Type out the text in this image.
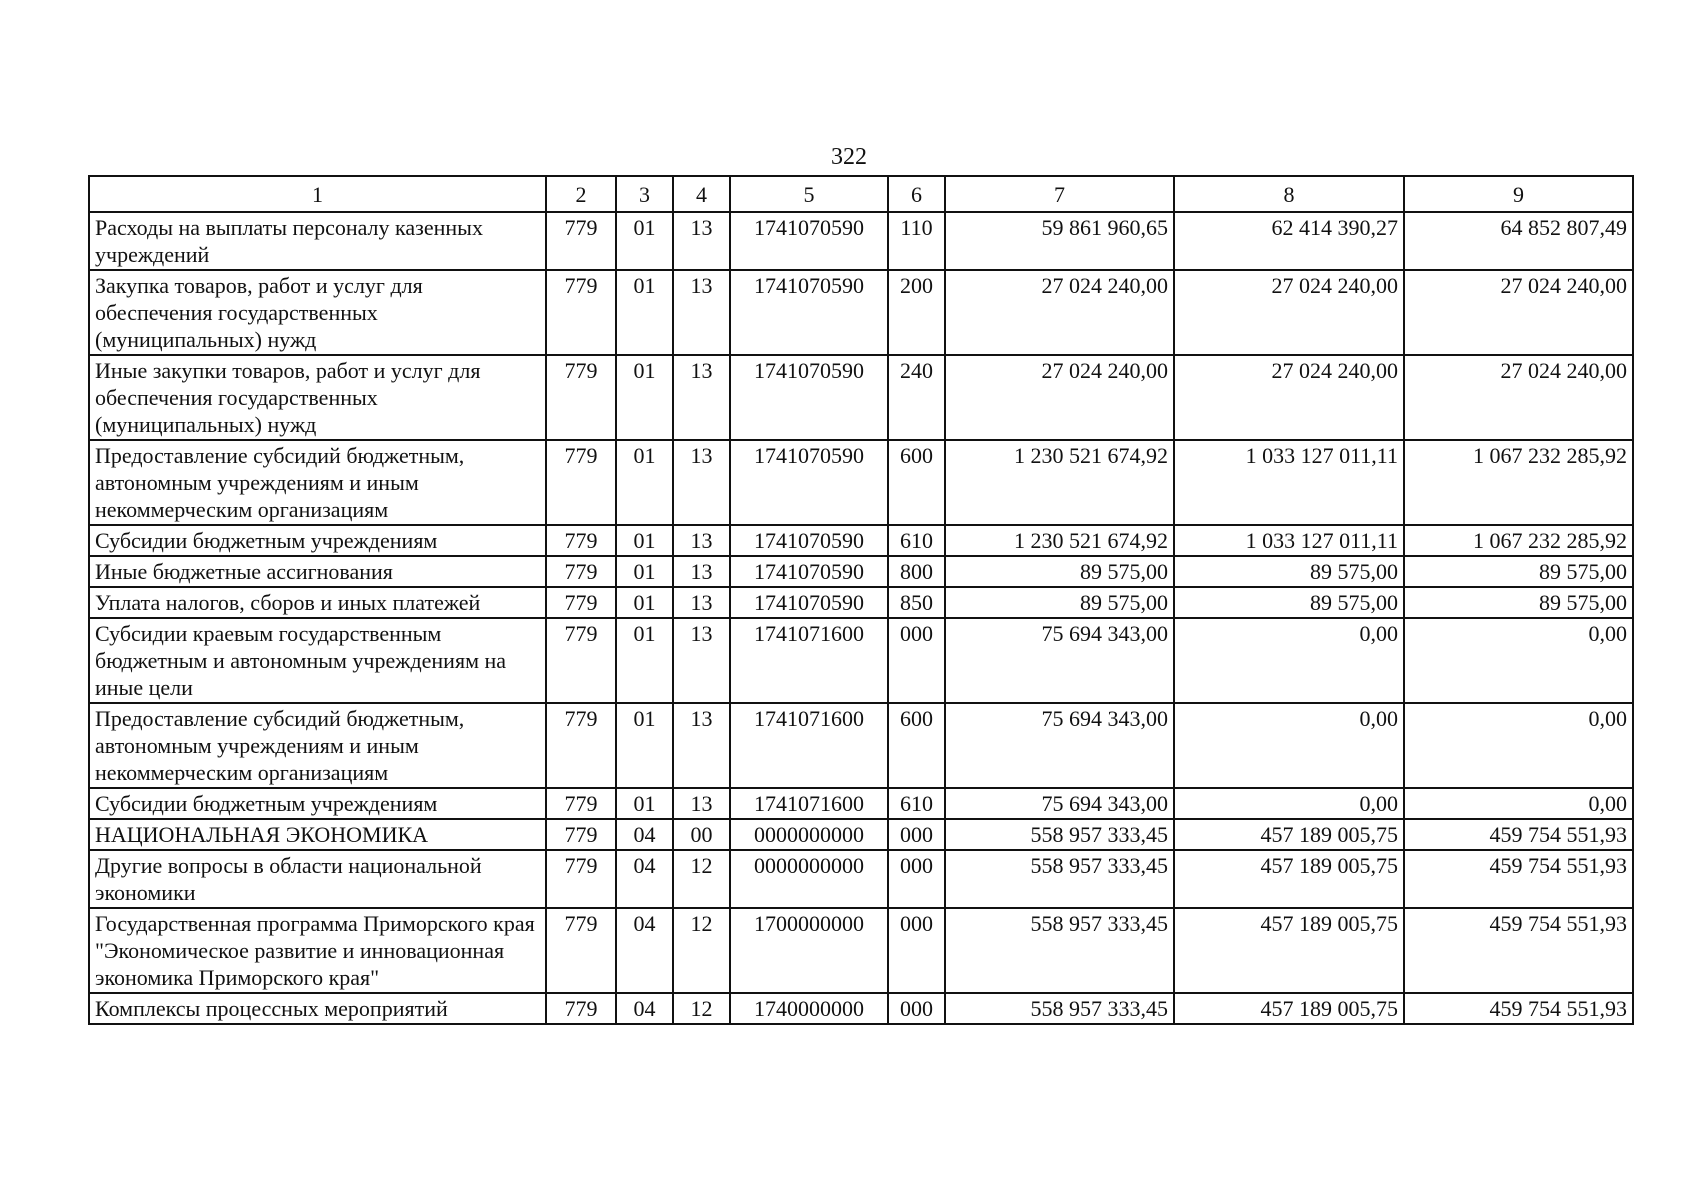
322
1	2	3	4	5	6	7	8	9
Расходы на выплаты персоналу казенных учреждений	779	01	13	1741070590	110	59 861 960,65	62 414 390,27	64 852 807,49
Закупка товаров, работ и услуг для обеспечения государственных (муниципальных) нужд	779	01	13	1741070590	200	27 024 240,00	27 024 240,00	27 024 240,00
Иные закупки товаров, работ и услуг для обеспечения государственных (муниципальных) нужд	779	01	13	1741070590	240	27 024 240,00	27 024 240,00	27 024 240,00
Предоставление субсидий бюджетным, автономным учреждениям и иным некоммерческим организациям	779	01	13	1741070590	600	1 230 521 674,92	1 033 127 011,11	1 067 232 285,92
Субсидии бюджетным учреждениям	779	01	13	1741070590	610	1 230 521 674,92	1 033 127 011,11	1 067 232 285,92
Иные бюджетные ассигнования	779	01	13	1741070590	800	89 575,00	89 575,00	89 575,00
Уплата налогов, сборов и иных платежей	779	01	13	1741070590	850	89 575,00	89 575,00	89 575,00
Субсидии краевым государственным бюджетным и автономным учреждениям на иные цели	779	01	13	1741071600	000	75 694 343,00	0,00	0,00
Предоставление субсидий бюджетным, автономным учреждениям и иным некоммерческим организациям	779	01	13	1741071600	600	75 694 343,00	0,00	0,00
Субсидии бюджетным учреждениям	779	01	13	1741071600	610	75 694 343,00	0,00	0,00
НАЦИОНАЛЬНАЯ ЭКОНОМИКА	779	04	00	0000000000	000	558 957 333,45	457 189 005,75	459 754 551,93
Другие вопросы в области национальной экономики	779	04	12	0000000000	000	558 957 333,45	457 189 005,75	459 754 551,93
Государственная программа Приморского края "Экономическое развитие и инновационная экономика Приморского края"	779	04	12	1700000000	000	558 957 333,45	457 189 005,75	459 754 551,93
Комплексы процессных мероприятий	779	04	12	1740000000	000	558 957 333,45	457 189 005,75	459 754 551,93
